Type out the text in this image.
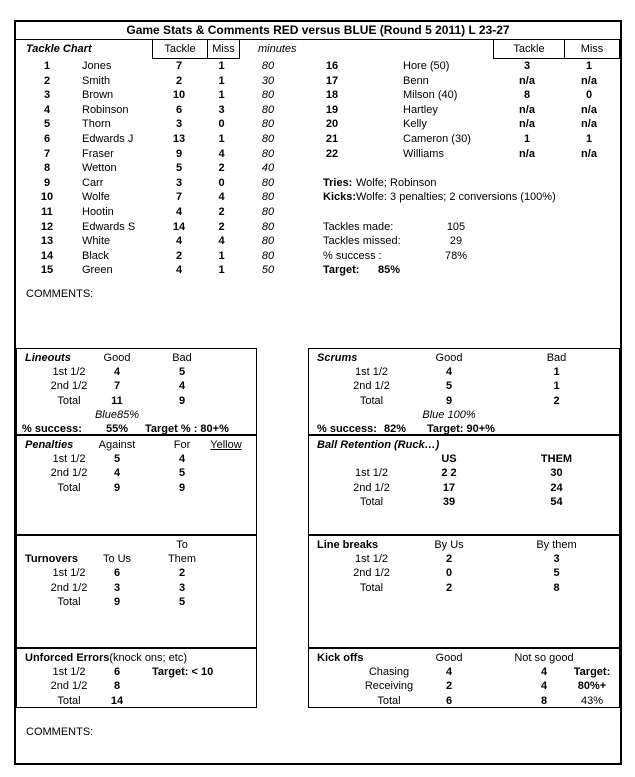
Game Stats & Comments RED versus BLUE (Round 5 2011) L 23-27
Tackle Chart	Tackle	Miss	minutes	Tackle	Miss
1	Jones	7	1	80	16	Hore (50)	3	1
2	Smith	2	1	30	17	Benn	n/a	n/a
3	Brown	10	1	80	18	Milson (40)	8	0
4	Robinson	6	3	80	19	Hartley	n/a	n/a
5	Thorn	3	0	80	20	Kelly	n/a	n/a
6	Edwards J	13	1	80	21	Cameron (30)	1	1
7	Fraser	9	4	80	22	Williams	n/a	n/a
8	Wetton	5	2	40
9	Carr	3	0	80
10	Wolfe	7	4	80
11	Hootin	4	2	80
12	Edwards S	14	2	80
13	White	4	4	80
14	Black	2	1	80
15	Green	4	1	50
Tries: Wolfe; Robinson
Kicks: Wolfe: 3 penalties; 2 conversions (100%)
Tackles made:	105
Tackles missed:	29
% success :	78%
Target: 85%
COMMENTS:
Lineouts	Good	Bad
1st 1/2	4	5
2nd 1/2	7	4
Total	11	9
Blue85%
% success:	55%	Target % : 80+%
Penalties	Against	For	Yellow
1st 1/2	5	4
2nd 1/2	4	5
Total	9	9
To
Turnovers	To Us	Them
1st 1/2	6	2
2nd 1/2	3	3
Total	9	5
Unforced Errors (knock ons; etc)
1st 1/2	6	Target: < 10
2nd 1/2	8
Total	14
Scrums	Good	Bad
1st 1/2	4	1
2nd 1/2	5	1
Total	9	2
Blue 100%
% success: 82% Target: 90+%
Ball Retention (Ruck…)
US	THEM
1st 1/2	2 2	30
2nd 1/2	17	24
Total	39	54
Line breaks	By Us	By them
1st 1/2	2	3
2nd 1/2	0	5
Total	2	8
Kick offs	Good	Not so good
Chasing	4	4	Target:
Receiving	2	4	80%+
Total	6	8	43%
COMMENTS:
